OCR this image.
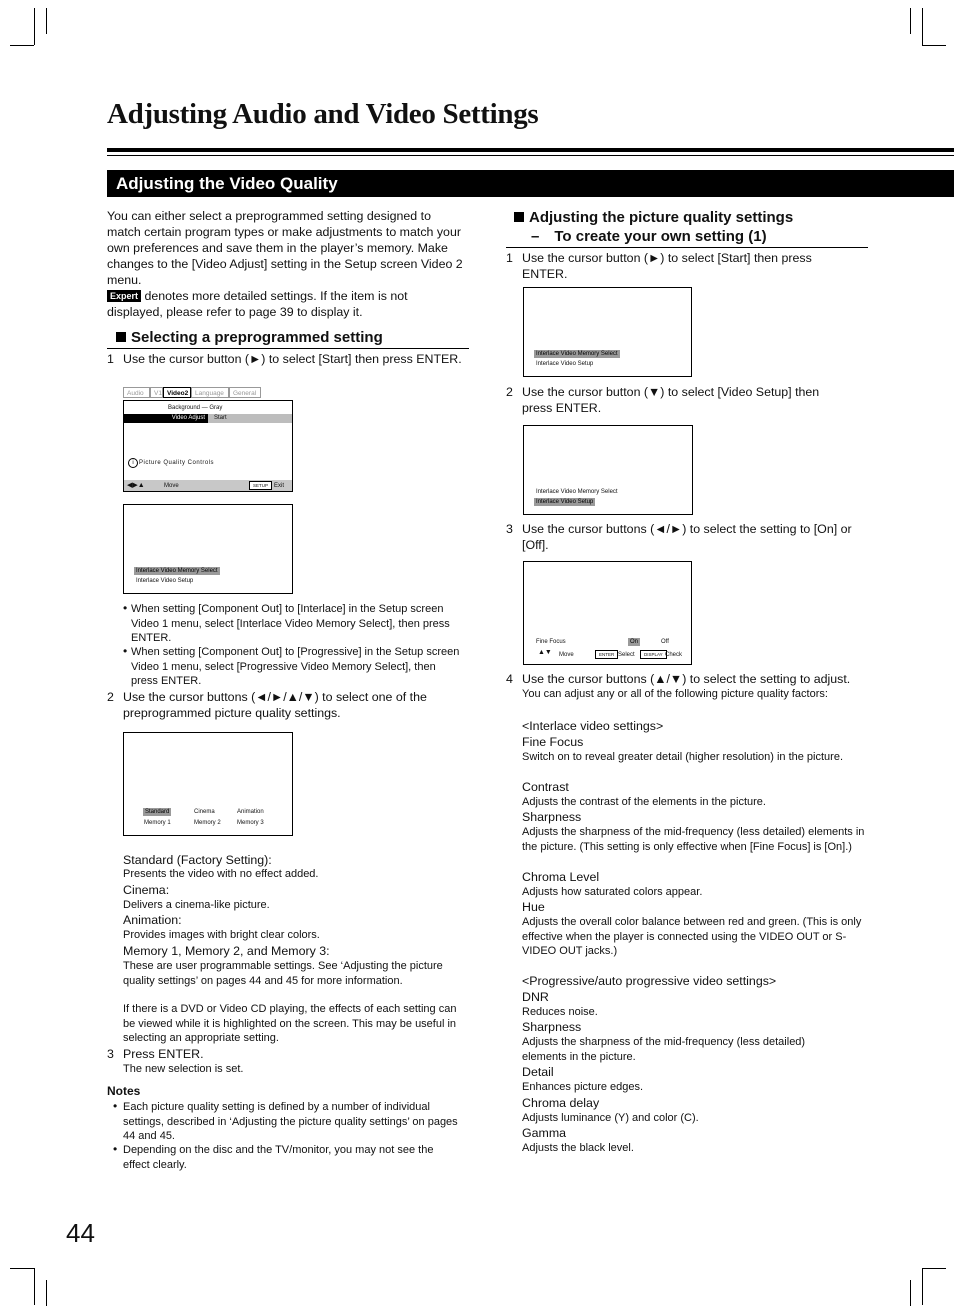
Adjusting Audio and Video Settings
Adjusting the Video Quality
You can either select a preprogrammed setting designed to match certain program types or make adjustments to match your own preferences and save them in the player’s memory. Make changes to the [Video Adjust] setting in the Setup screen Video 2 menu.
Expert denotes more detailed settings. If the item is not displayed, please refer to page 39 to display it.
Selecting a preprogrammed setting
1 Use the cursor button (►) to select [Start] then press ENTER.
Audio	V1 Video2	Language	General
Background — Gray
Video Adjust	Start
i Picture Quality Controls
◀▶▲	Move	SETUP Exit
Interlace Video Memory Select
Interlace Video Setup
• When setting [Component Out] to [Interlace] in the Setup screen Video 1 menu, select [Interlace Video Memory Select], then press ENTER.
• When setting [Component Out] to [Progressive] in the Setup screen Video 1 menu, select [Progressive Video Memory Select], then press ENTER.
2 Use the cursor buttons (◄/►/▲/▼) to select one of the preprogrammed picture quality settings.
Standard	Cinema	Animation
Memory 1	Memory 2	Memory 3
Standard (Factory Setting):
Presents the video with no effect added.
Cinema:
Delivers a cinema-like picture.
Animation:
Provides images with bright clear colors.
Memory 1, Memory 2, and Memory 3:
These are user programmable settings. See ‘Adjusting the picture quality settings’ on pages 44 and 45 for more information.
If there is a DVD or Video CD playing, the effects of each setting can be viewed while it is highlighted on the screen. This may be useful in selecting an appropriate setting.
3 Press ENTER.
The new selection is set.
Notes
• Each picture quality setting is defined by a number of individual settings, described in ‘Adjusting the picture quality settings’ on pages 44 and 45.
• Depending on the disc and the TV/monitor, you may not see the effect clearly.
Adjusting the picture quality settings
– To create your own setting (1)
1 Use the cursor button (►) to select [Start] then press ENTER.
Interlace Video Memory Select
Interlace Video Setup
2 Use the cursor button (▼) to select [Video Setup] then press ENTER.
Interlace Video Memory Select
Interlace Video Setup
3 Use the cursor buttons (◄/►) to select the setting to [On] or [Off].
Fine Focus	On	Off
▲▼ Move	ENTER Select	DISPLAY Check
4 Use the cursor buttons (▲/▼) to select the setting to adjust.
You can adjust any or all of the following picture quality factors:
<Interlace video settings>
Fine Focus
Switch on to reveal greater detail (higher resolution) in the picture.
Contrast
Adjusts the contrast of the elements in the picture.
Sharpness
Adjusts the sharpness of the mid-frequency (less detailed) elements in the picture. (This setting is only effective when [Fine Focus] is [On].)
Chroma Level
Adjusts how saturated colors appear.
Hue
Adjusts the overall color balance between red and green. (This is only effective when the player is connected using the VIDEO OUT or S-VIDEO OUT jacks.)
<Progressive/auto progressive video settings>
DNR
Reduces noise.
Sharpness
Adjusts the sharpness of the mid-frequency (less detailed) elements in the picture.
Detail
Enhances picture edges.
Chroma delay
Adjusts luminance (Y) and color (C).
Gamma
Adjusts the black level.
44
